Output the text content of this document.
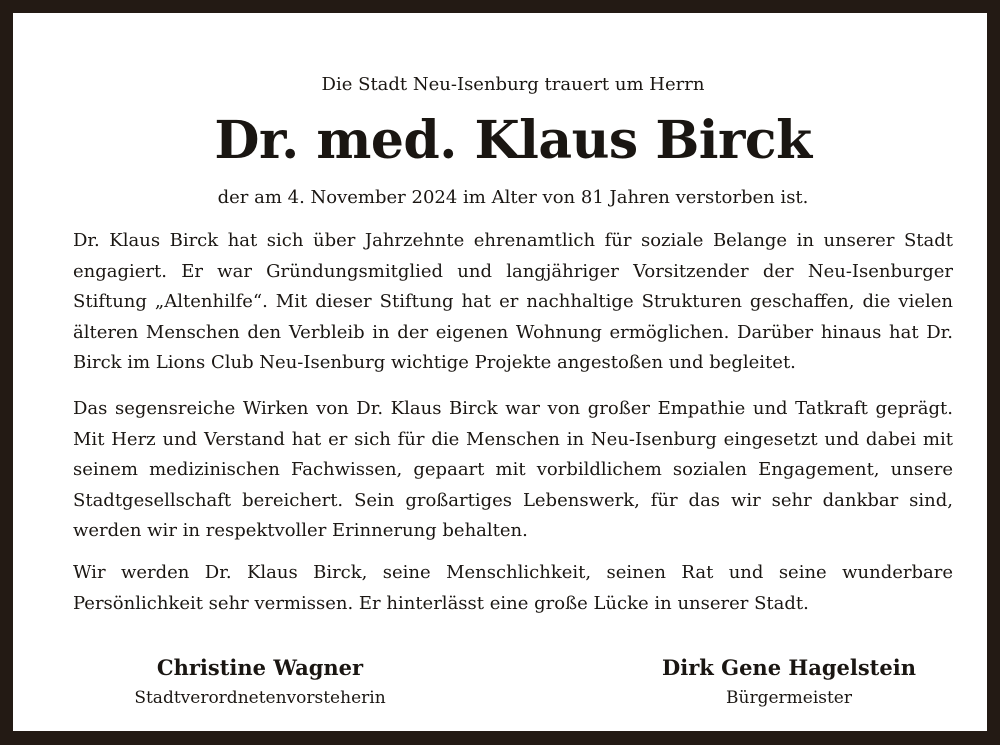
Die Stadt Neu-Isenburg trauert um Herrn
Dr. med. Klaus Birck
der am 4. November 2024 im Alter von 81 Jahren verstorben ist.

Dr. Klaus Birck hat sich über Jahrzehnte ehrenamtlich für soziale Belange in unserer Stadt engagiert. Er war Gründungsmitglied und langjähriger Vorsitzender der Neu-Isenburger Stiftung „Altenhilfe“. Mit dieser Stiftung hat er nachhaltige Strukturen geschaffen, die vielen älteren Menschen den Verbleib in der eigenen Wohnung ermöglichen. Darüber hinaus hat Dr. Birck im Lions Club Neu-Isenburg wichtige Projekte angestoßen und begleitet.

Das segensreiche Wirken von Dr. Klaus Birck war von großer Empathie und Tatkraft geprägt. Mit Herz und Verstand hat er sich für die Menschen in Neu-Isenburg eingesetzt und dabei mit seinem medizinischen Fachwissen, gepaart mit vorbildlichem sozialen Engagement, unsere Stadtgesellschaft bereichert. Sein großartiges Lebenswerk, für das wir sehr dankbar sind, werden wir in respektvoller Erinnerung behalten.

Wir werden Dr. Klaus Birck, seine Menschlichkeit, seinen Rat und seine wunderbare Persönlichkeit sehr vermissen. Er hinterlässt eine große Lücke in unserer Stadt.

Christine Wagner
Stadtverordnetenvorsteherin
Dirk Gene Hagelstein
Bürgermeister
